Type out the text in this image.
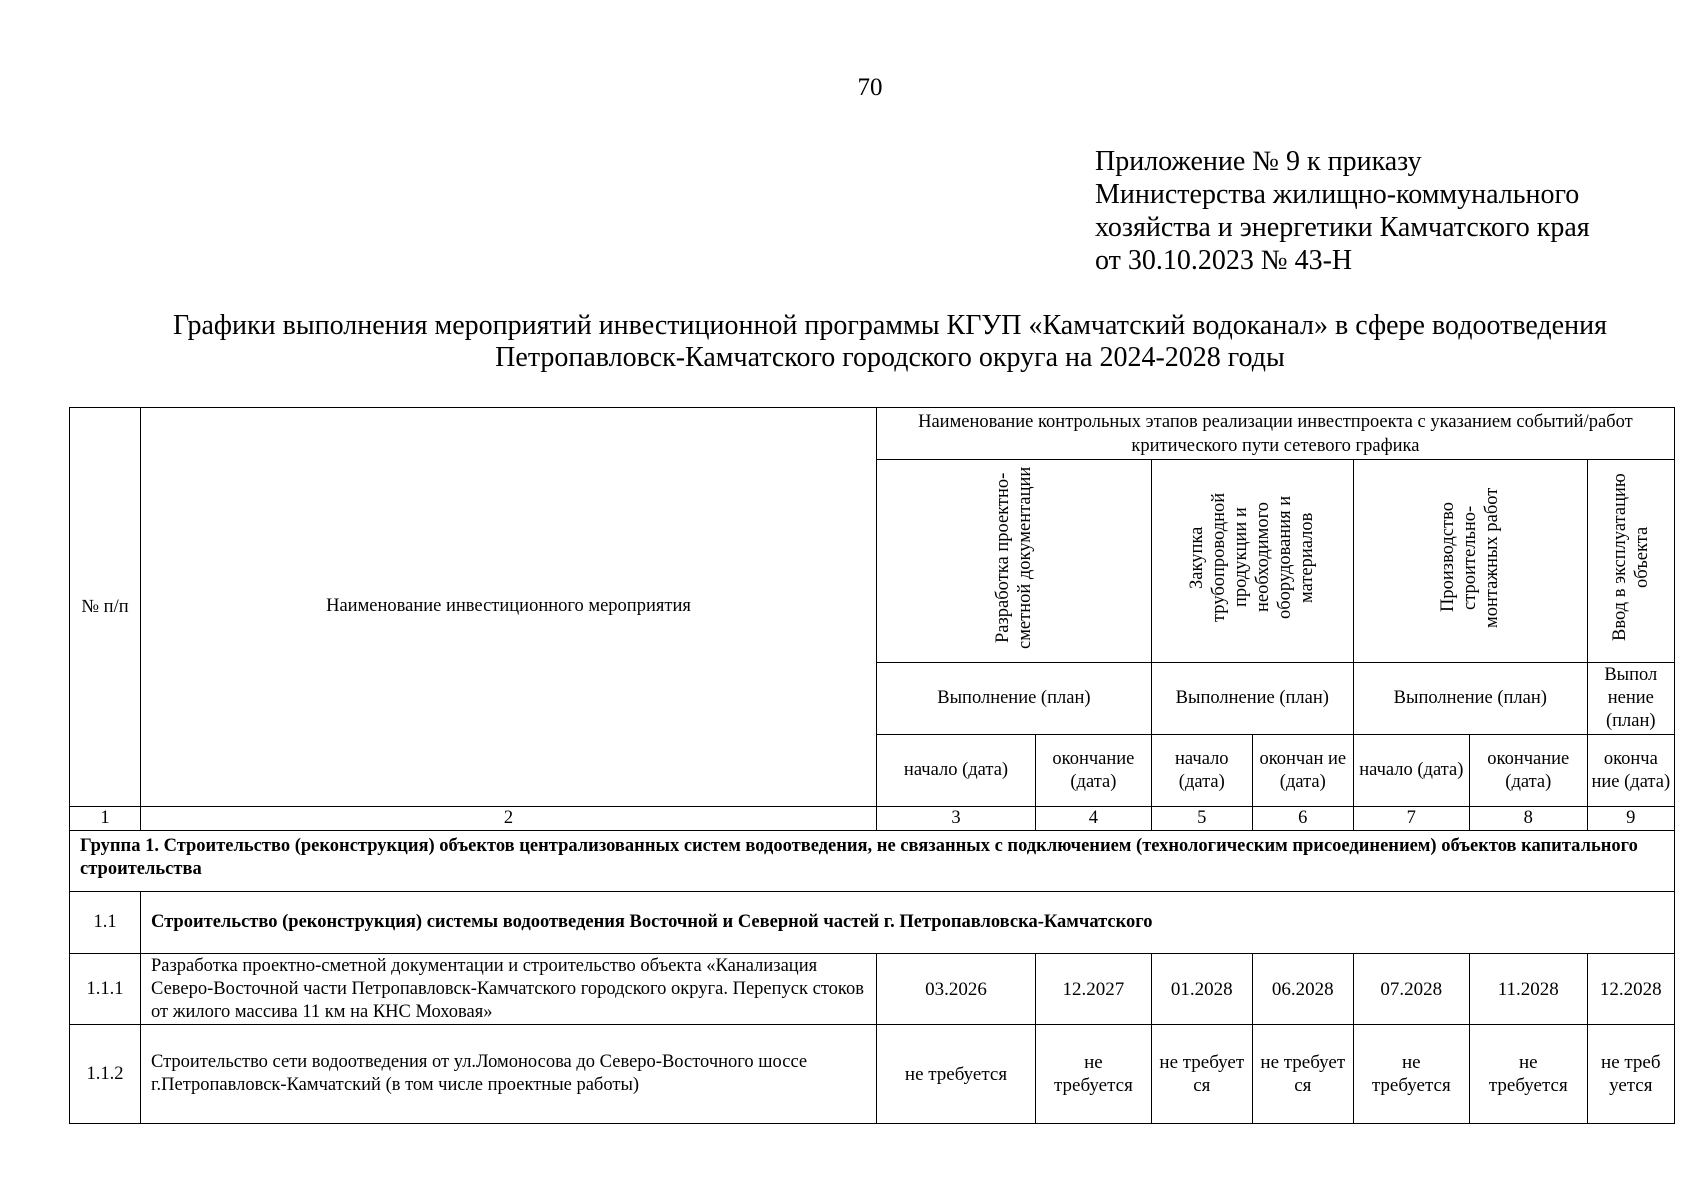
70
Приложение № 9 к приказу
Министерства жилищно-коммунального
хозяйства и энергетики Камчатского края
от 30.10.2023 № 43-Н
Графики выполнения мероприятий инвестиционной программы КГУП «Камчатский водоканал» в сфере водоотведения
Петропавловск-Камчатского городского округа на 2024-2028 годы
№ п/п	Наименование инвестиционного мероприятия	Наименование контрольных этапов реализации инвестпроекта с указанием событий/работ критического пути сетевого графика						
		Разработка проектно-сметной документации		Закупка трубопроводной продукции и необходимого оборудования и материалов		Производство строительно-монтажных работ		Ввод в эксплуатацию объекта
		Выполнение (план)		Выполнение (план)		Выполнение (план)		Выпол нение (план)
		начало (дата)	окончание (дата)	начало (дата)	окончан ие (дата)	начало (дата)	окончание (дата)	оконча ние (дата)

1	2	3	4	5	6	7	8	9
Группа 1. Строительство (реконструкция) объектов централизованных систем водоотведения, не связанных с подключением (технологическим присоединением) объектов капитального строительства								
1.1	Строительство (реконструкция) системы водоотведения Восточной и Северной частей г. Петропавловска-Камчатского							
1.1.1	Разработка проектно-сметной документации и строительство объекта «Канализация Северо-Восточной части Петропавловск-Камчатского городского округа. Перепуск стоков от жилого массива 11 км на КНС Моховая»	03.2026	12.2027	01.2028	06.2028	07.2028	11.2028	12.2028
1.1.2	Строительство сети водоотведения от ул.Ломоносова до Северо-Восточного шоссе г.Петропавловск-Камчатский (в том числе проектные работы)	не требуется	не требуется	не требуется	не требуется	не требуется	не требуется	не требуется
